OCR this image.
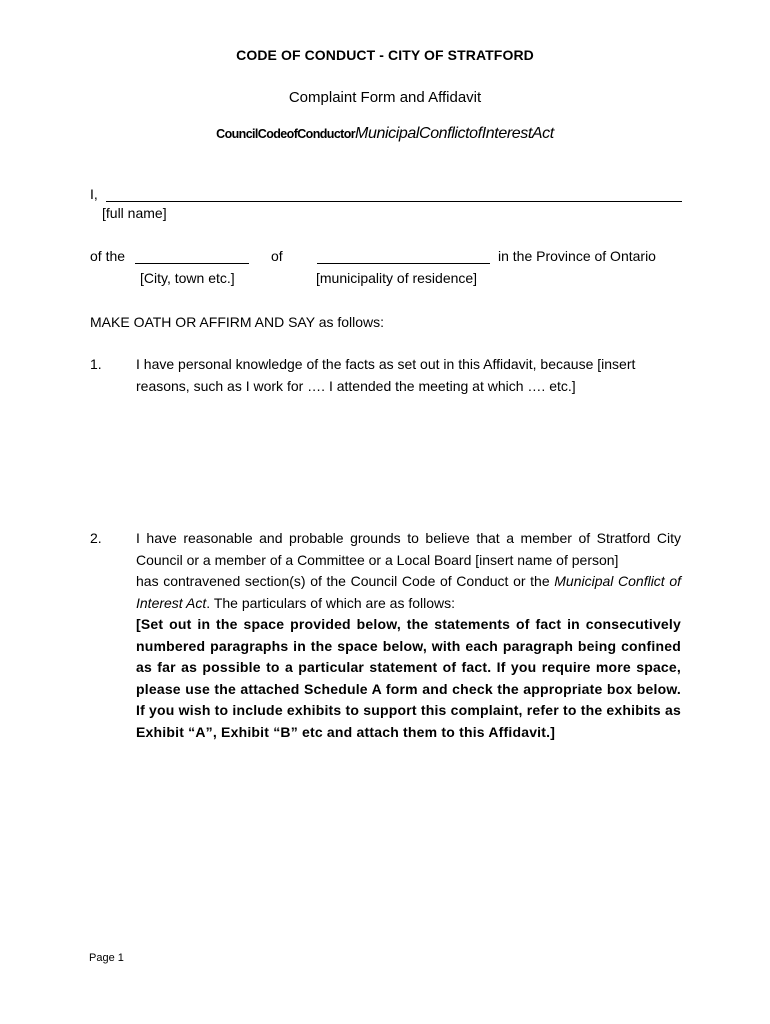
CODE OF CONDUCT - CITY OF STRATFORD
Complaint Form and Affidavit
CouncilCodeofConductorMunicipalConflictofInterestAct
I,
[full name]
of the	of	in the Province of Ontario
[City, town etc.]	[municipality of residence]
MAKE OATH OR AFFIRM AND SAY as follows:
1. I have personal knowledge of the facts as set out in this Affidavit, because [insert reasons, such as I work for …. I attended the meeting at which …. etc.]
2. I have reasonable and probable grounds to believe that a member of Stratford City Council or a member of a Committee or a Local Board [insert name of person]
has contravened section(s) of the Council Code of Conduct or the Municipal Conflict of Interest Act. The particulars of which are as follows:
[Set out in the space provided below, the statements of fact in consecutively numbered paragraphs in the space below, with each paragraph being confined as far as possible to a particular statement of fact. If you require more space, please use the attached Schedule A form and check the appropriate box below. If you wish to include exhibits to support this complaint, refer to the exhibits as Exhibit “A”, Exhibit “B” etc and attach them to this Affidavit.]
Page 1
